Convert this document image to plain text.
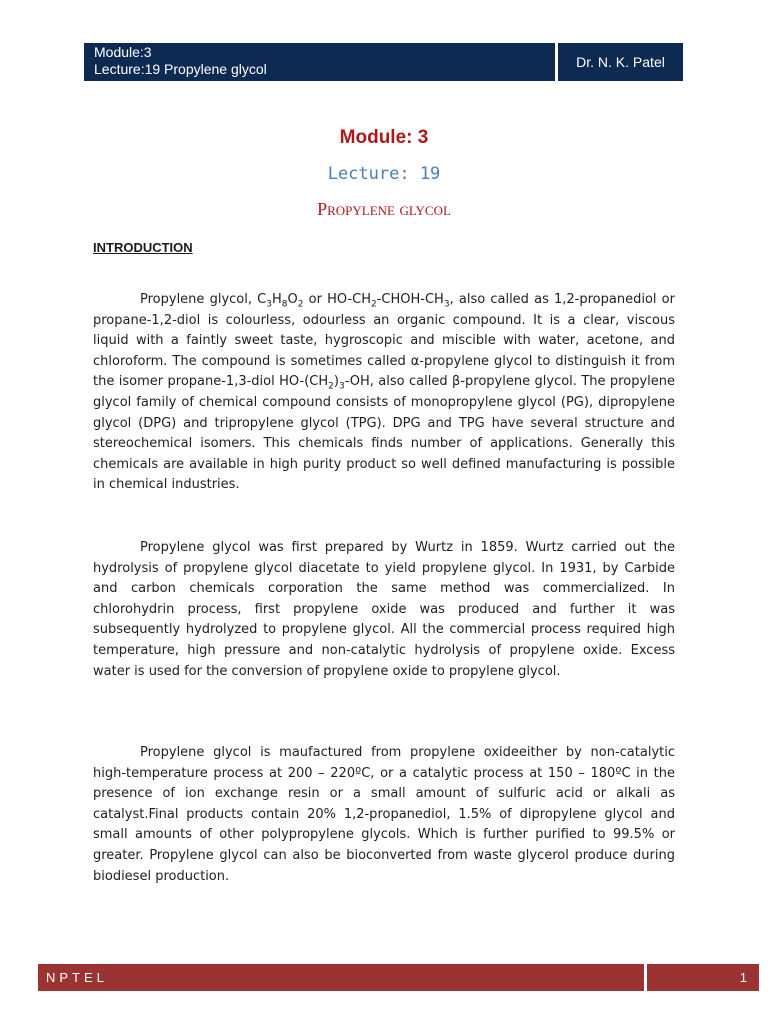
Module:3
Lecture:19 Propylene glycol	Dr. N. K. Patel
Module: 3
Lecture: 19
Propylene glycol
INTRODUCTION

Propylene glycol, $C_3H_8O_2$ or $HO-CH_2-CHOH-CH_3$, also called as 1,2-propanediol or propane-1,2-diol is colourless, odourless an organic compound. It is a clear, viscous liquid with a faintly sweet taste, hygroscopic and miscible with water, acetone, and chloroform. The compound is sometimes called α-propylene glycol to distinguish it from the isomer propane-1,3-diol $HO-(CH_2)_3-OH$, also called β-propylene glycol. The propylene glycol family of chemical compound consists of monopropylene glycol (PG), dipropylene glycol (DPG) and tripropylene glycol (TPG). DPG and TPG have several structure and stereochemical isomers. This chemicals finds number of applications. Generally this chemicals are available in high purity product so well defined manufacturing is possible in chemical industries.

Propylene glycol was first prepared by Wurtz in 1859. Wurtz carried out the hydrolysis of propylene glycol diacetate to yield propylene glycol. In 1931, by Carbide and carbon chemicals corporation the same method was commercialized. In chlorohydrin process, first propylene oxide was produced and further it was subsequently hydrolyzed to propylene glycol. All the commercial process required high temperature, high pressure and non-catalytic hydrolysis of propylene oxide. Excess water is used for the conversion of propylene oxide to propylene glycol.

Propylene glycol is maufactured from propylene oxideeither by non-catalytic high-temperature process at 200 – 220ºC, or a catalytic process at 150 – 180ºC in the presence of ion exchange resin or a small amount of sulfuric acid or alkali as catalyst.Final products contain 20% 1,2-propanediol, 1.5% of dipropylene glycol and small amounts of other polypropylene glycols. Which is further purified to 99.5% or greater. Propylene glycol can also be bioconverted from waste glycerol produce during biodiesel production.

NPTEL	1
